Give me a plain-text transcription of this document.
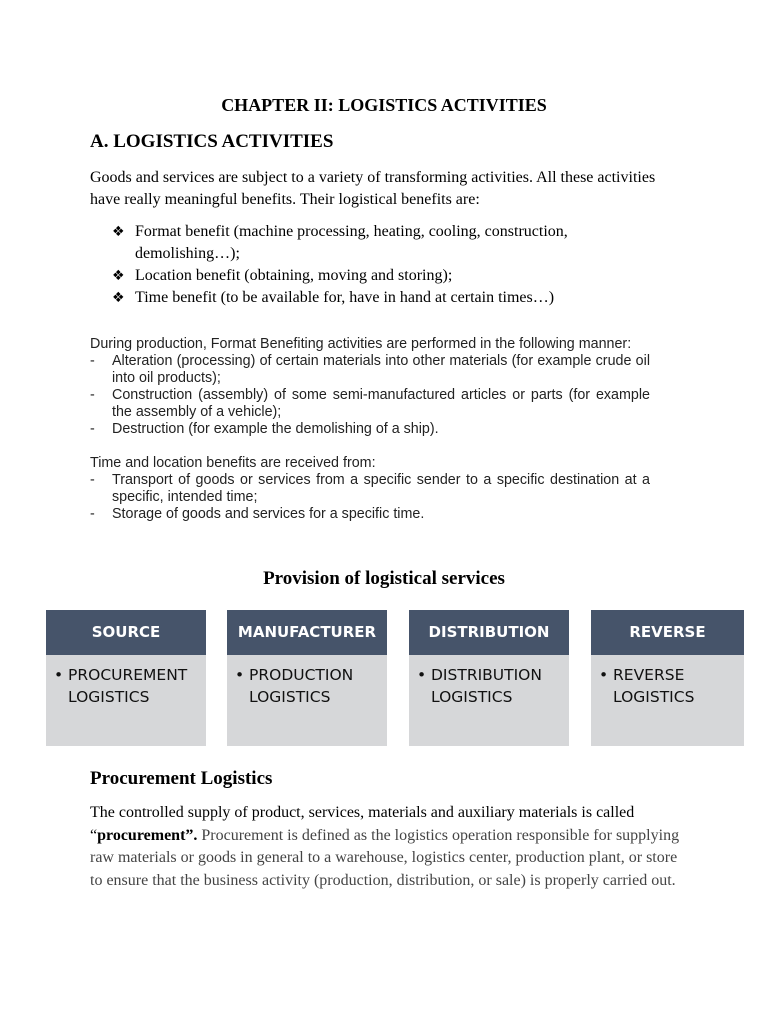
CHAPTER II: LOGISTICS ACTIVITIES
A. LOGISTICS ACTIVITIES
Goods and services are subject to a variety of transforming activities. All these activities have really meaningful benefits. Their logistical benefits are:
❖ Format benefit (machine processing, heating, cooling, construction, demolishing…);
❖ Location benefit (obtaining, moving and storing);
❖ Time benefit (to be available for, have in hand at certain times…)

During production, Format Benefiting activities are performed in the following manner:

- Alteration (processing) of certain materials into other materials (for example crude oil into oil products);

- Construction (assembly) of some semi-manufactured articles or parts (for example the assembly of a vehicle);

- Destruction (for example the demolishing of a ship).

Time and location benefits are received from:

- Transport of goods or services from a specific sender to a specific destination at a specific, intended time;

- Storage of goods and services for a specific time.

Provision of logistical services
SOURCE
• PROCUREMENT
LOGISTICS
MANUFACTURER
• PRODUCTION
LOGISTICS
DISTRIBUTION
• DISTRIBUTION
LOGISTICS
REVERSE
• REVERSE
LOGISTICS
Procurement Logistics
The controlled supply of product, services, materials and auxiliary materials is called “procurement”. Procurement is defined as the logistics operation responsible for supplying raw materials or goods in general to a warehouse, logistics center, production plant, or store to ensure that the business activity (production, distribution, or sale) is properly carried out.
